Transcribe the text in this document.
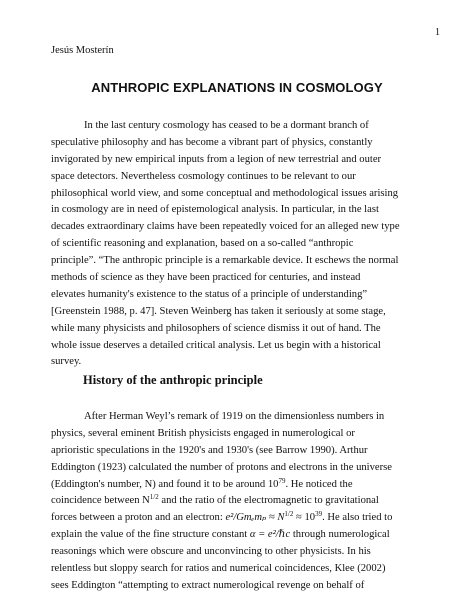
1
Jesús Mosterín
ANTHROPIC EXPLANATIONS IN COSMOLOGY
In the last century cosmology has ceased to be a dormant branch of
speculative philosophy and has become a vibrant part of physics, constantly
invigorated by new empirical inputs from a legion of new terrestrial and outer
space detectors. Nevertheless cosmology continues to be relevant to our
philosophical world view, and some conceptual and methodological issues arising
in cosmology are in need of epistemological analysis. In particular, in the last
decades extraordinary claims have been repeatedly voiced for an alleged new type
of scientific reasoning and explanation, based on a so-called “anthropic
principle”. “The anthropic principle is a remarkable device. It eschews the normal
methods of science as they have been practiced for centuries, and instead
elevates humanity's existence to the status of a principle of understanding”
[Greenstein 1988, p. 47]. Steven Weinberg has taken it seriously at some stage,
while many physicists and philosophers of science dismiss it out of hand. The
whole issue deserves a detailed critical analysis. Let us begin with a historical
survey.
History of the anthropic principle
After Herman Weyl’s remark of 1919 on the dimensionless numbers in
physics, several eminent British physicists engaged in numerological or
aprioristic speculations in the 1920's and 1930's (see Barrow 1990). Arthur
Eddington (1923) calculated the number of protons and electrons in the universe
(Eddington's number, N) and found it to be around $10^{79}$. He noticed the
coincidence between $N^{1/2}$ and the ratio of the electromagnetic to gravitational
forces between a proton and an electron: $e^2/Gm_em_p \approx N^{1/2} \approx 10^{39}$. He also tried to
explain the value of the fine structure constant α = e²/ℏc through numerological
reasonings which were obscure and unconvincing to other physicists. In his
relentless but sloppy search for ratios and numerical coincidences, Klee (2002)
sees Eddington “attempting to extract numerological revenge on behalf of
